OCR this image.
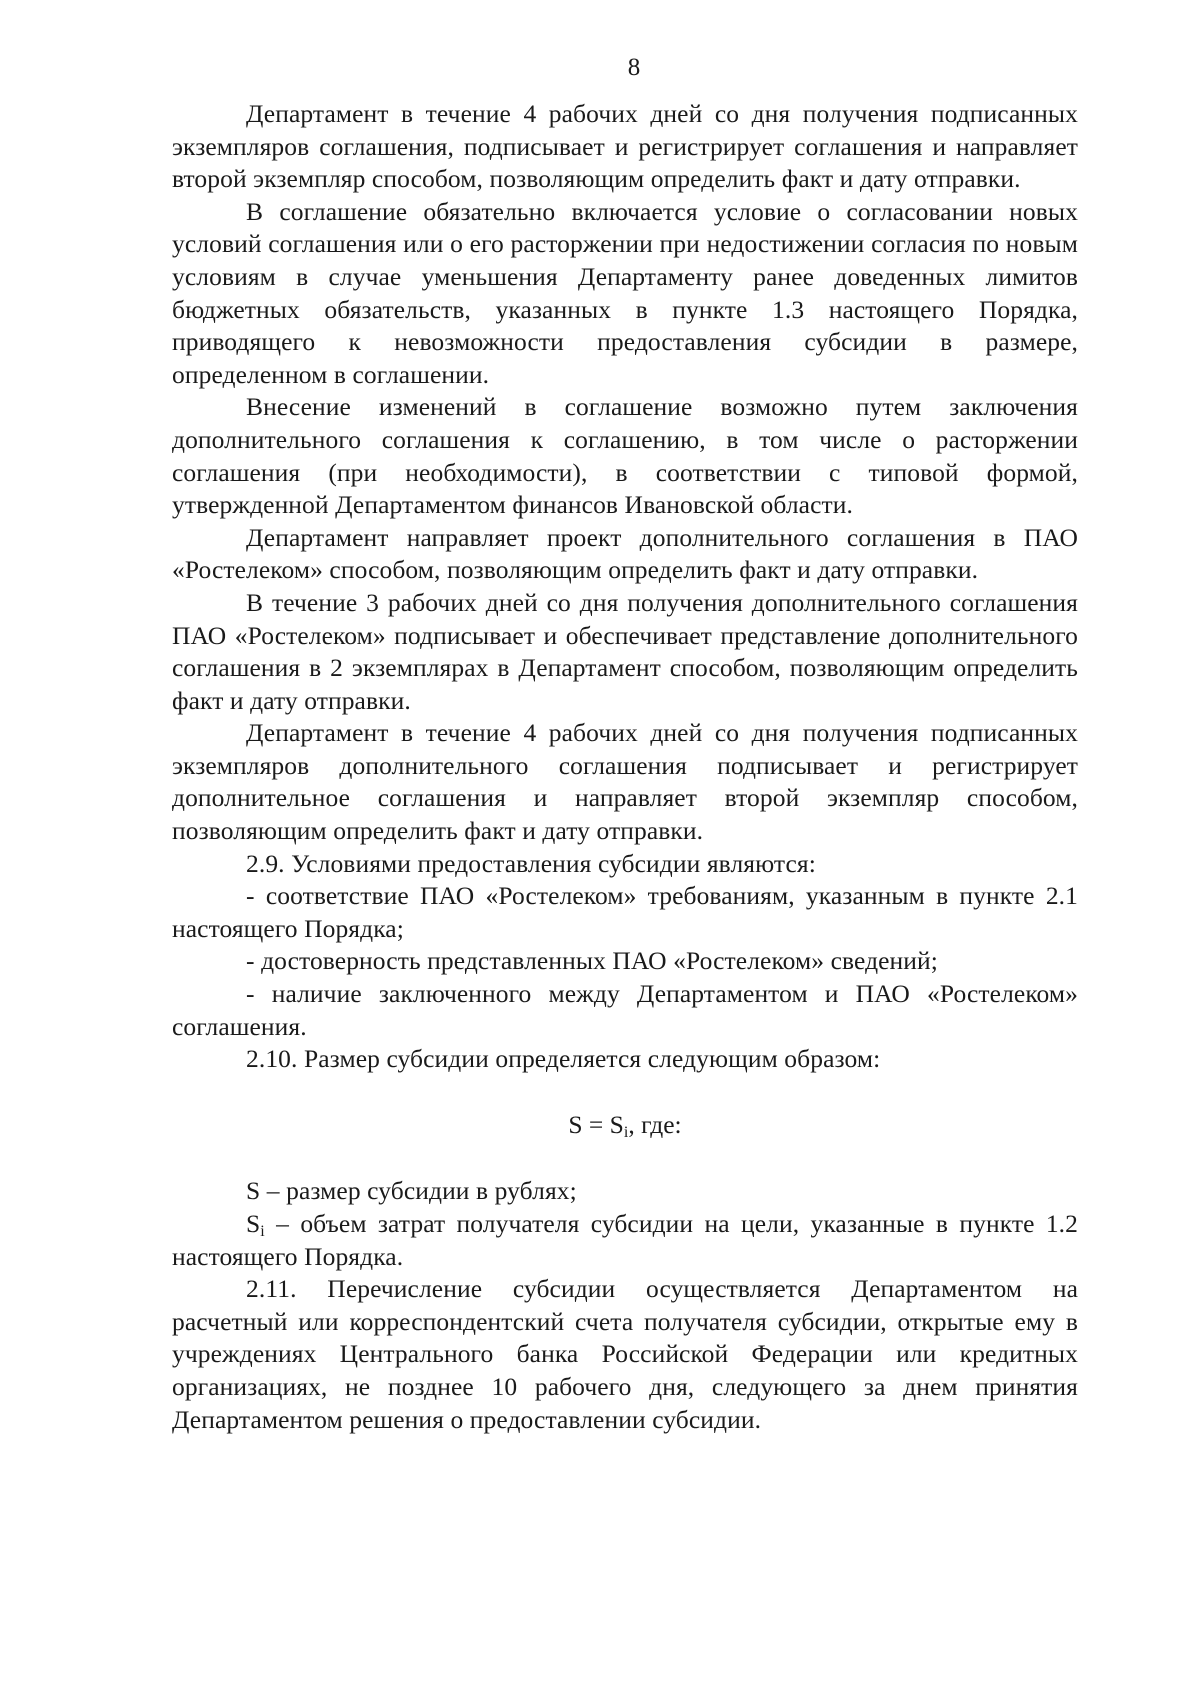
8

Департамент в течение 4 рабочих дней со дня получения подписанных экземпляров соглашения, подписывает и регистрирует соглашения и направляет второй экземпляр способом, позволяющим определить факт и дату отправки.

В соглашение обязательно включается условие о согласовании новых условий соглашения или о его расторжении при недостижении согласия по новым условиям в случае уменьшения Департаменту ранее доведенных лимитов бюджетных обязательств, указанных в пункте 1.3 настоящего Порядка, приводящего к невозможности предоставления субсидии в размере, определенном в соглашении.

Внесение изменений в соглашение возможно путем заключения дополнительного соглашения к соглашению, в том числе о расторжении соглашения (при необходимости), в соответствии с типовой формой, утвержденной Департаментом финансов Ивановской области.

Департамент направляет проект дополнительного соглашения в ПАО «Ростелеком» способом, позволяющим определить факт и дату отправки.

В течение 3 рабочих дней со дня получения дополнительного соглашения ПАО «Ростелеком» подписывает и обеспечивает представление дополнительного соглашения в 2 экземплярах в Департамент способом, позволяющим определить факт и дату отправки.

Департамент в течение 4 рабочих дней со дня получения подписанных экземпляров дополнительного соглашения подписывает и регистрирует дополнительное соглашения и направляет второй экземпляр способом, позволяющим определить факт и дату отправки.

2.9. Условиями предоставления субсидии являются:

- соответствие ПАО «Ростелеком» требованиям, указанным в пункте 2.1 настоящего Порядка;

- достоверность представленных ПАО «Ростелеком» сведений;

- наличие заключенного между Департаментом и ПАО «Ростелеком» соглашения.

2.10. Размер субсидии определяется следующим образом:

$S = S_i$, где:

S – размер субсидии в рублях;

$S_i$ – объем затрат получателя субсидии на цели, указанные в пункте 1.2 настоящего Порядка.

2.11. Перечисление субсидии осуществляется Департаментом на расчетный или корреспондентский счета получателя субсидии, открытые ему в учреждениях Центрального банка Российской Федерации или кредитных организациях, не позднее 10 рабочего дня, следующего за днем принятия Департаментом решения о предоставлении субсидии.
